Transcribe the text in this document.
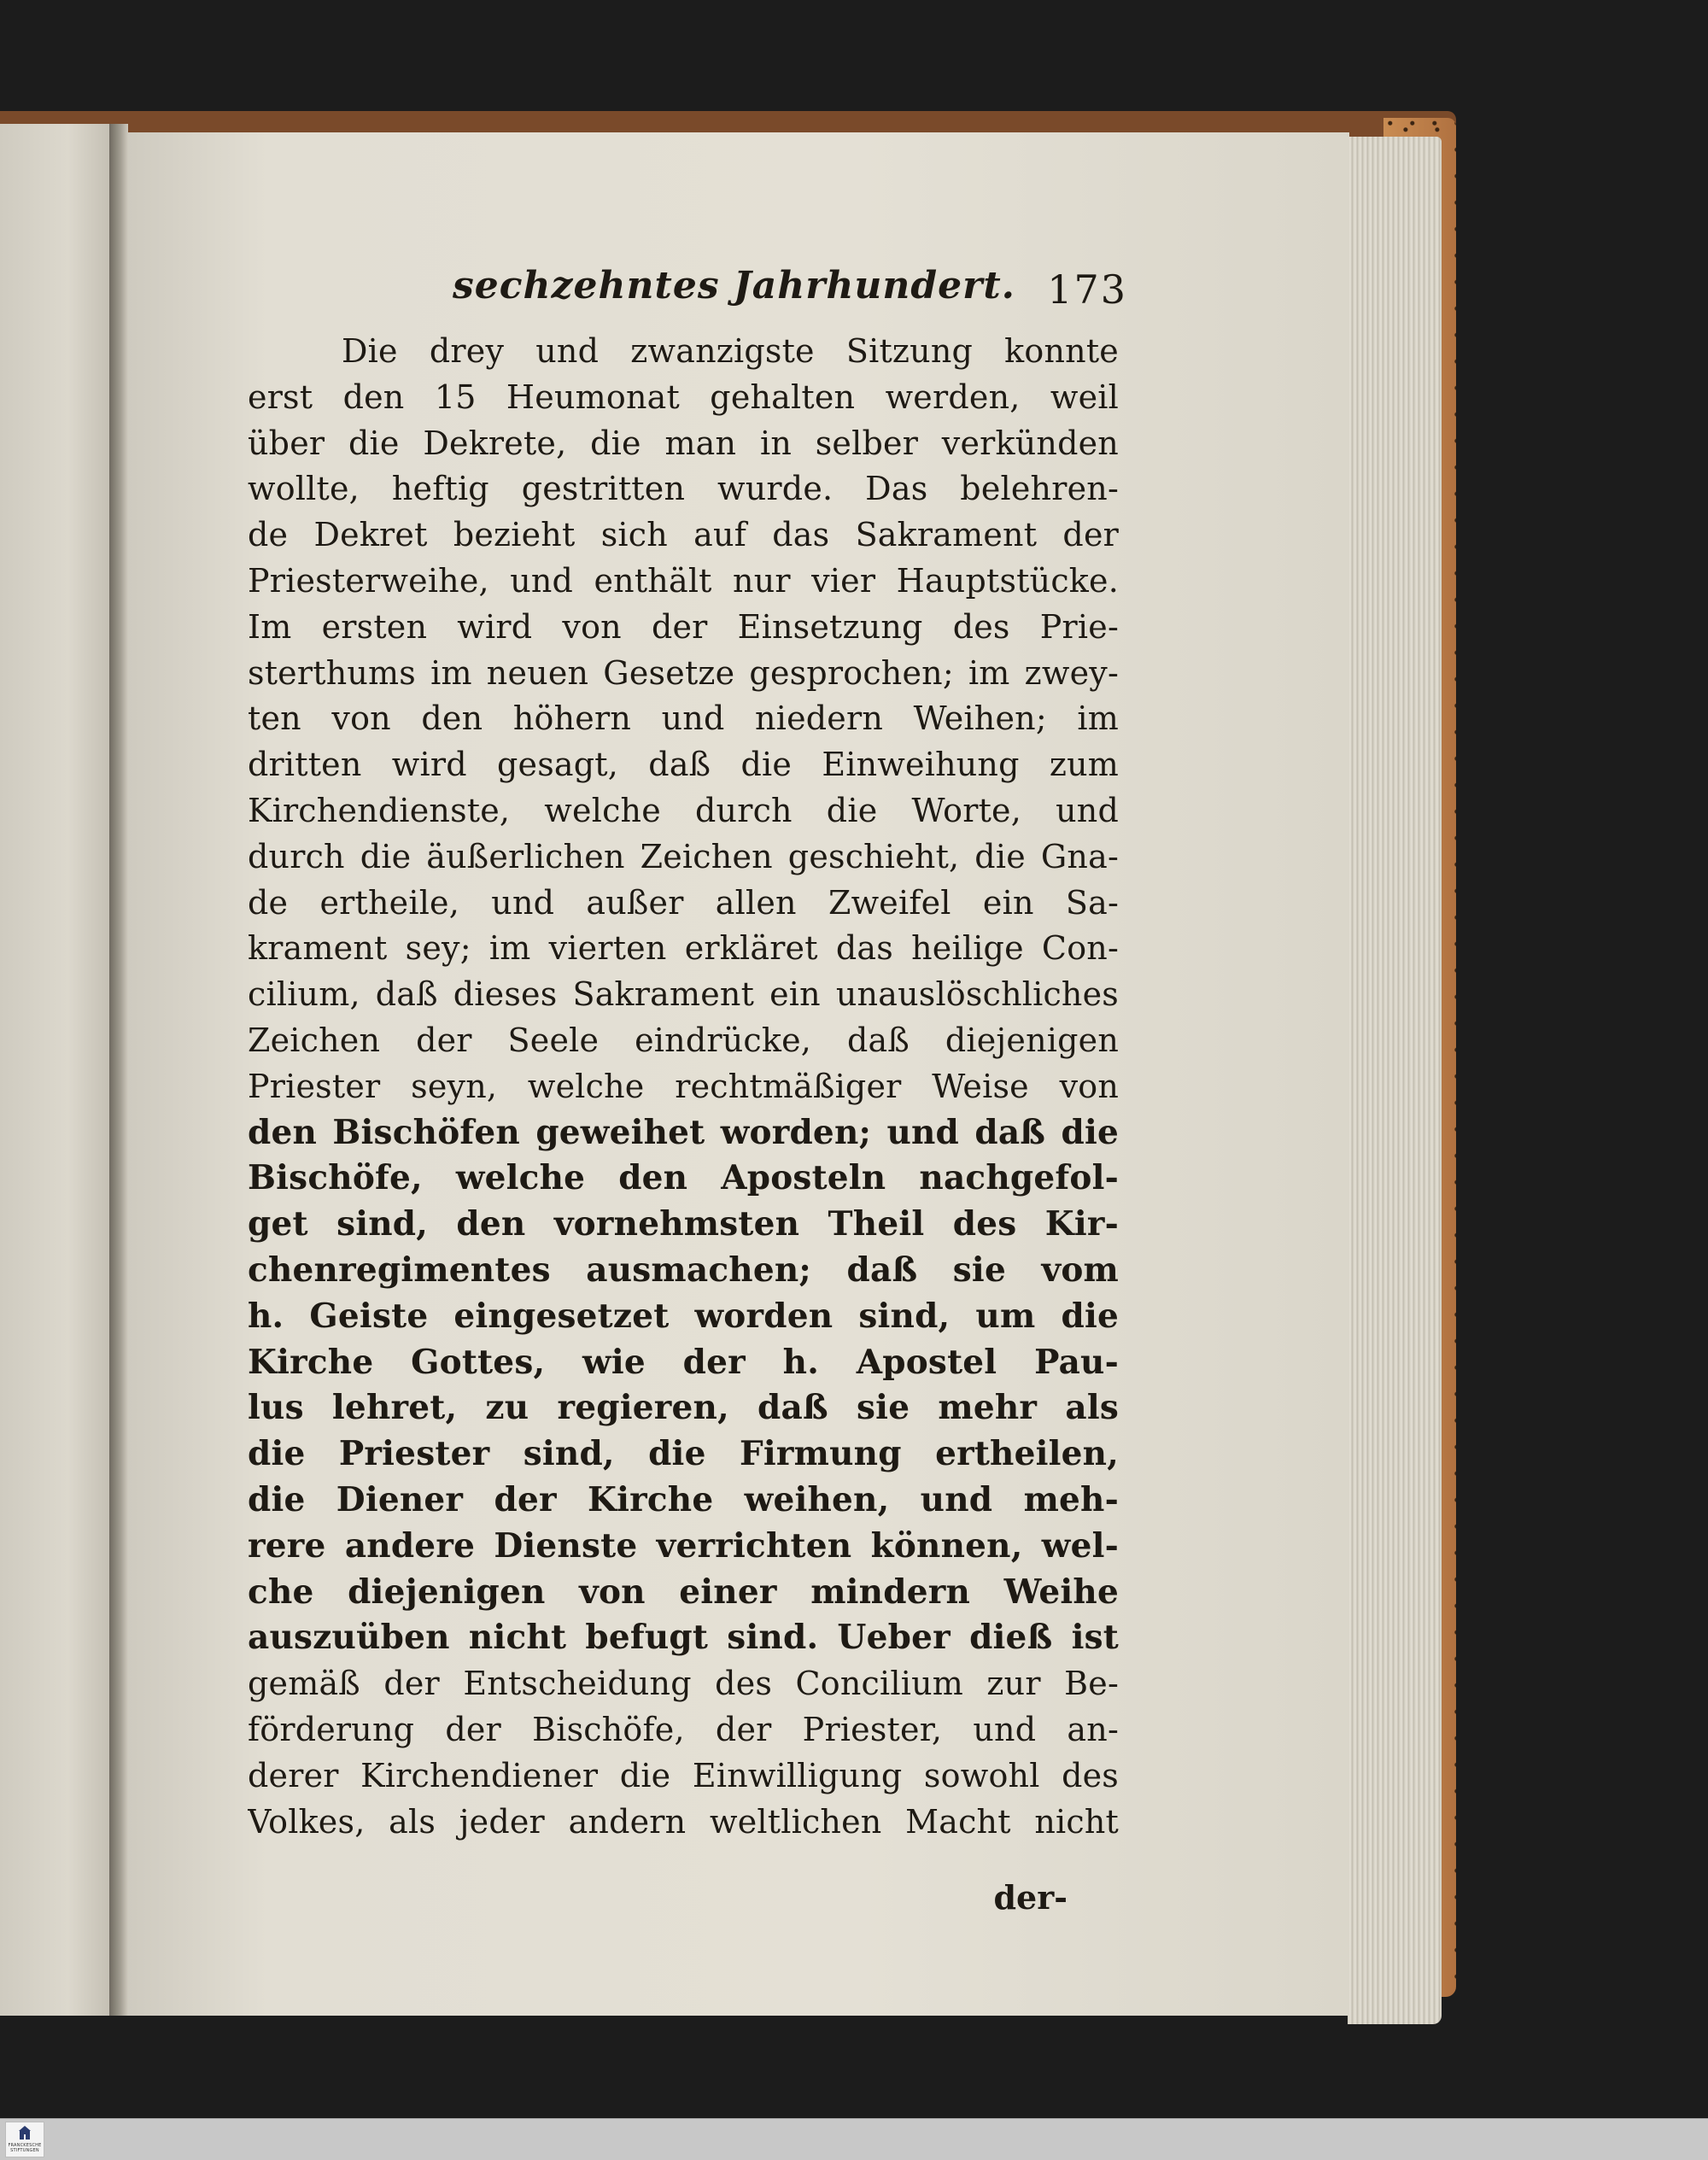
sechzehntes Jahrhundert. 173
Die drey und zwanzigste Sitzung konnte
erst den 15 Heumonat gehalten werden, weil
über die Dekrete, die man in selber verkünden
wollte, heftig gestritten wurde. Das belehren-
de Dekret bezieht sich auf das Sakrament der
Priesterweihe, und enthält nur vier Hauptstücke.
Im ersten wird von der Einsetzung des Prie-
sterthums im neuen Gesetze gesprochen; im zwey-
ten von den höhern und niedern Weihen; im
dritten wird gesagt, daß die Einweihung zum
Kirchendienste, welche durch die Worte, und
durch die äußerlichen Zeichen geschieht, die Gna-
de ertheile, und außer allen Zweifel ein Sa-
krament sey; im vierten erkläret das heilige Con-
cilium, daß dieses Sakrament ein unauslöschliches
Zeichen der Seele eindrücke, daß diejenigen
Priester seyn, welche rechtmäßiger Weise von
den Bischöfen geweihet worden; und daß die
Bischöfe, welche den Aposteln nachgefol-
get sind, den vornehmsten Theil des Kir-
chenregimentes ausmachen; daß sie vom
h. Geiste eingesetzet worden sind, um die
Kirche Gottes, wie der h. Apostel Pau-
lus lehret, zu regieren, daß sie mehr als
die Priester sind, die Firmung ertheilen,
die Diener der Kirche weihen, und meh-
rere andere Dienste verrichten können, wel-
che diejenigen von einer mindern Weihe
auszuüben nicht befugt sind. Ueber dieß ist
gemäß der Entscheidung des Concilium zur Be-
förderung der Bischöfe, der Priester, und an-
derer Kirchendiener die Einwilligung sowohl des
Volkes, als jeder andern weltlichen Macht nicht
der-
FRANCKESCHE
STIFTUNGEN
